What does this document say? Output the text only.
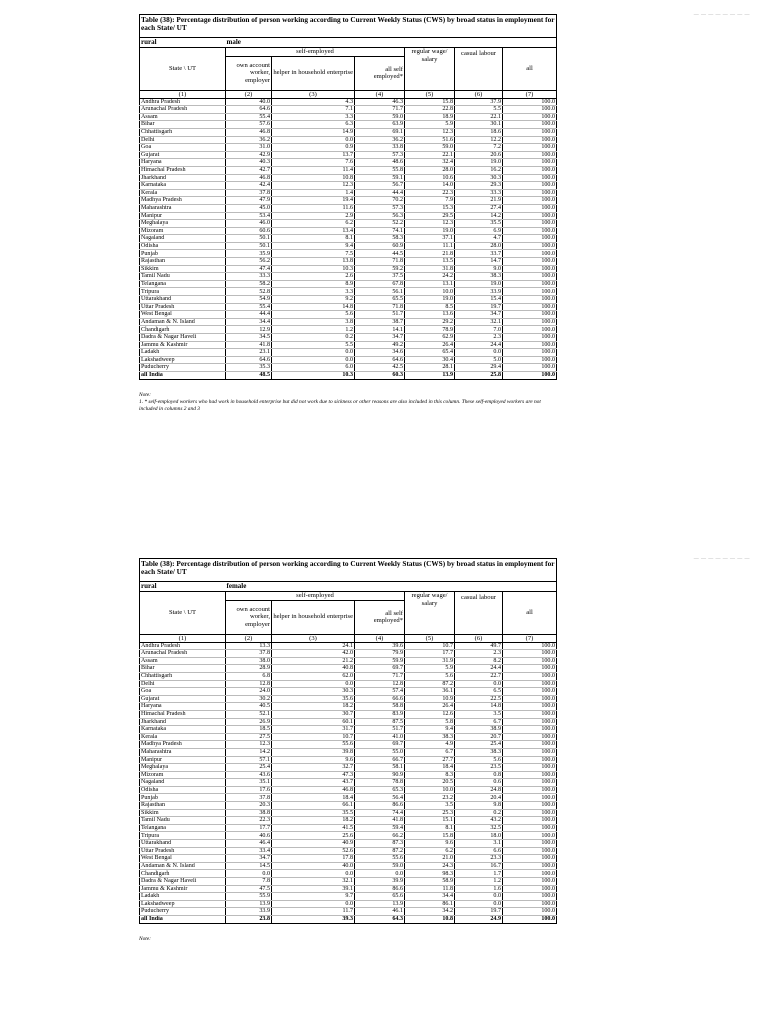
— — — — — — — —
— — — — — — — —
Table (38): Percentage distribution of person working according to Current Weekly Status (CWS) by broad status in employment for each State/ UT						
rural	male					
State \ UT	self-employed			regular wage/ salary	casual labour	all
	own account worker, employer	helper in household enterprise	all self employed*			
(1)	(2)	(3)	(4)	(5)	(6)	(7)
Andhra Pradesh	40.0	4.3	46.3	15.8	37.9	100.0
Arunachal Pradesh	64.6	7.1	71.7	22.8	5.5	100.0
Assam	55.4	3.3	59.0	18.9	22.1	100.0
Bihar	57.6	6.3	63.9	5.9	30.1	100.0
Chhattisgarh	46.8	14.9	69.1	12.3	18.6	100.0
Delhi	36.2	0.0	36.2	51.6	12.2	100.0
Goa	31.0	0.9	33.8	59.0	7.2	100.0
Gujarat	42.9	13.7	57.3	22.1	20.6	100.0
Haryana	40.3	7.6	48.6	32.4	19.0	100.0
Himachal Pradesh	42.7	11.4	55.8	28.0	16.2	100.0
Jharkhand	46.8	10.8	59.1	10.6	30.3	100.0
Karnataka	42.4	12.3	56.7	14.0	29.3	100.0
Kerala	37.8	1.4	44.4	22.3	33.3	100.0
Madhya Pradesh	47.9	19.4	70.2	7.9	21.9	100.0
Maharashtra	45.0	11.6	57.3	15.3	27.4	100.0
Manipur	53.4	2.9	56.3	29.5	14.2	100.0
Meghalaya	46.0	6.2	52.2	12.3	35.5	100.0
Mizoram	60.6	13.4	74.1	19.0	6.9	100.0
Nagaland	50.1	8.1	58.3	37.1	4.7	100.0
Odisha	50.1	9.4	60.9	11.1	28.0	100.0
Punjab	35.9	7.5	44.5	21.8	33.7	100.0
Rajasthan	56.2	13.8	71.8	13.5	14.7	100.0
Sikkim	47.4	10.3	59.2	31.8	9.0	100.0
Tamil Nadu	33.3	2.6	37.5	24.2	38.3	100.0
Telangana	58.2	8.9	67.8	13.1	19.0	100.0
Tripura	52.8	3.3	56.1	10.0	33.9	100.0
Uttarakhand	54.9	9.2	65.5	19.0	15.4	100.0
Uttar Pradesh	55.4	14.8	71.8	8.5	19.7	100.0
West Bengal	44.4	5.6	51.7	13.6	34.7	100.0
Andaman & N. Island	34.4	3.8	38.7	29.2	32.1	100.0
Chandigarh	12.9	1.2	14.1	78.9	7.0	100.0
Dadra & Nagar Haveli	34.5	0.2	34.7	62.9	2.3	100.0
Jammu & Kashmir	41.8	5.5	49.2	26.4	24.4	100.0
Ladakh	23.1	0.0	34.6	65.4	0.0	100.0
Lakshadweep	64.6	0.0	64.6	30.4	5.0	100.0
Puducherry	35.3	6.0	42.5	28.1	29.4	100.0
all India	48.5	10.3	60.3	13.9	25.8	100.0
Note:
1. * self-employed workers who had work in household enterprise but did not work due to sickness or other reasons are also included in this column. These self-employed workers are not included in columns 2 and 3
Table (38): Percentage distribution of person working according to Current Weekly Status (CWS) by broad status in employment for each State/ UT						
rural	female					
State \ UT	self-employed			regular wage/ salary	casual labour	all
	own account worker, employer	helper in household enterprise	all self employed*			
(1)	(2)	(3)	(4)	(5)	(6)	(7)
Andhra Pradesh	13.3	24.1	39.6	10.7	49.7	100.0
Arunachal Pradesh	37.8	42.0	79.9	17.7	2.3	100.0
Assam	38.0	21.2	59.9	31.9	8.2	100.0
Bihar	28.9	40.8	69.7	5.9	24.4	100.0
Chhattisgarh	6.8	62.0	71.7	5.6	22.7	100.0
Delhi	12.8	0.0	12.8	87.2	0.0	100.0
Goa	24.0	30.3	57.4	36.1	6.5	100.0
Gujarat	30.2	35.6	66.6	10.9	22.5	100.0
Haryana	40.5	18.2	58.8	26.4	14.8	100.0
Himachal Pradesh	52.1	30.7	83.9	12.6	3.5	100.0
Jharkhand	26.9	60.1	87.5	5.8	6.7	100.0
Karnataka	18.5	31.7	51.7	9.4	38.9	100.0
Kerala	27.5	10.7	41.0	38.3	20.7	100.0
Madhya Pradesh	12.3	55.6	69.7	4.9	25.4	100.0
Maharashtra	14.2	39.8	55.0	6.7	38.3	100.0
Manipur	57.1	9.6	66.7	27.7	5.6	100.0
Meghalaya	25.4	32.7	58.1	18.4	23.5	100.0
Mizoram	43.6	47.3	90.9	8.3	0.8	100.0
Nagaland	35.1	43.7	78.8	20.5	0.6	100.0
Odisha	17.6	46.8	65.3	10.0	24.8	100.0
Punjab	37.8	18.4	56.4	23.2	20.4	100.0
Rajasthan	20.3	66.1	86.6	3.5	9.8	100.0
Sikkim	38.8	35.5	74.4	25.3	0.2	100.0
Tamil Nadu	22.3	18.2	41.8	15.1	43.2	100.0
Telangana	17.7	41.5	59.4	8.1	32.5	100.0
Tripura	40.6	25.6	66.2	15.8	18.0	100.0
Uttarakhand	46.4	40.9	87.3	9.6	3.1	100.0
Uttar Pradesh	33.4	52.6	87.2	6.2	6.6	100.0
West Bengal	34.7	17.8	55.6	21.0	23.3	100.0
Andaman & N. Island	14.5	40.0	59.0	24.3	16.7	100.0
Chandigarh	0.0	0.0	0.0	98.3	1.7	100.0
Dadra & Nagar Haveli	7.8	32.1	39.9	58.9	1.2	100.0
Jammu & Kashmir	47.5	39.1	86.6	11.8	1.6	100.0
Ladakh	55.9	9.7	65.6	34.4	0.0	100.0
Lakshadweep	13.9	0.0	13.9	86.1	0.0	100.0
Puducherry	33.9	11.7	46.1	34.2	19.7	100.0
all India	23.8	39.3	64.3	10.8	24.9	100.0
Note:
